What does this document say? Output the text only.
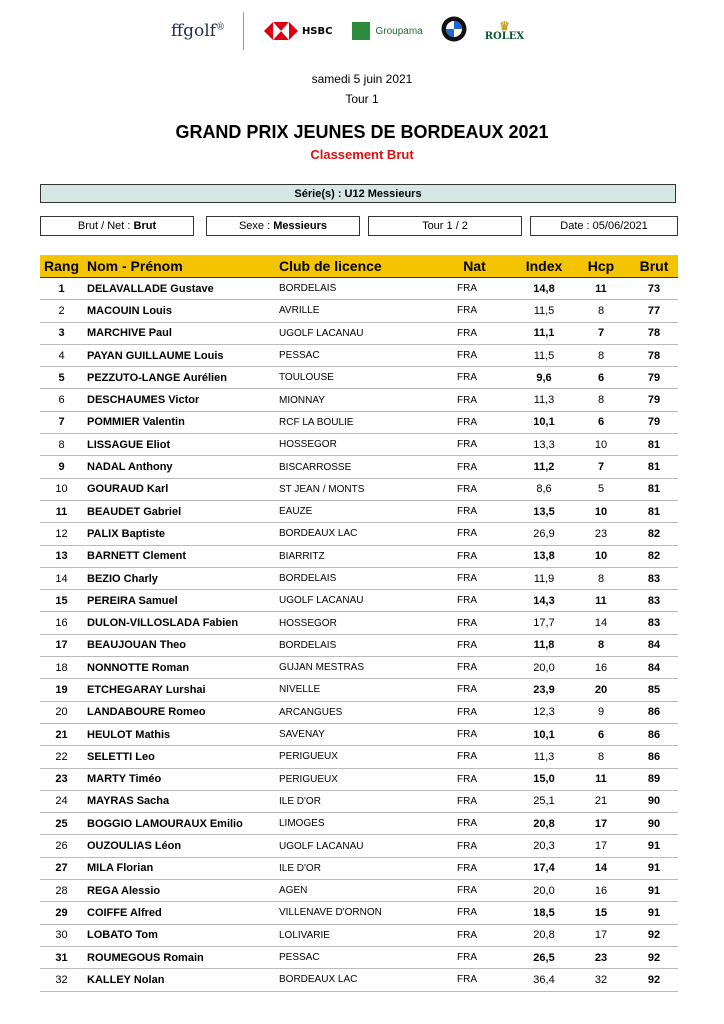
ffgolf®	HSBC	Groupama	♛
ROLEX
samedi 5 juin 2021
Tour 1
GRAND PRIX JEUNES DE BORDEAUX 2021
Classement Brut
Série(s) : U12 Messieurs
Brut / Net : Brut	Sexe : Messieurs	Tour 1 / 2	Date : 05/06/2021
Rang	Nom - Prénom	Club de licence	Nat	Index	Hcp	Brut
1	DELAVALLADE Gustave	BORDELAIS	FRA	14,8	11	73
2	MACOUIN Louis	AVRILLE	FRA	11,5	8	77
3	MARCHIVE Paul	UGOLF LACANAU	FRA	11,1	7	78
4	PAYAN GUILLAUME Louis	PESSAC	FRA	11,5	8	78
5	PEZZUTO-LANGE Aurélien	TOULOUSE	FRA	9,6	6	79
6	DESCHAUMES Victor	MIONNAY	FRA	11,3	8	79
7	POMMIER Valentin	RCF LA BOULIE	FRA	10,1	6	79
8	LISSAGUE Eliot	HOSSEGOR	FRA	13,3	10	81
9	NADAL Anthony	BISCARROSSE	FRA	11,2	7	81
10	GOURAUD Karl	ST JEAN / MONTS	FRA	8,6	5	81
11	BEAUDET Gabriel	EAUZE	FRA	13,5	10	81
12	PALIX Baptiste	BORDEAUX LAC	FRA	26,9	23	82
13	BARNETT Clement	BIARRITZ	FRA	13,8	10	82
14	BEZIO Charly	BORDELAIS	FRA	11,9	8	83
15	PEREIRA Samuel	UGOLF LACANAU	FRA	14,3	11	83
16	DULON-VILLOSLADA Fabien	HOSSEGOR	FRA	17,7	14	83
17	BEAUJOUAN Theo	BORDELAIS	FRA	11,8	8	84
18	NONNOTTE Roman	GUJAN MESTRAS	FRA	20,0	16	84
19	ETCHEGARAY Lurshai	NIVELLE	FRA	23,9	20	85
20	LANDABOURE Romeo	ARCANGUES	FRA	12,3	9	86
21	HEULOT Mathis	SAVENAY	FRA	10,1	6	86
22	SELETTI Leo	PERIGUEUX	FRA	11,3	8	86
23	MARTY Timéo	PERIGUEUX	FRA	15,0	11	89
24	MAYRAS Sacha	ILE D'OR	FRA	25,1	21	90
25	BOGGIO LAMOURAUX Emilio	LIMOGES	FRA	20,8	17	90
26	OUZOULIAS Léon	UGOLF LACANAU	FRA	20,3	17	91
27	MILA Florian	ILE D'OR	FRA	17,4	14	91
28	REGA Alessio	AGEN	FRA	20,0	16	91
29	COIFFE Alfred	VILLENAVE D'ORNON	FRA	18,5	15	91
30	LOBATO Tom	LOLIVARIE	FRA	20,8	17	92
31	ROUMEGOUS Romain	PESSAC	FRA	26,5	23	92
32	KALLEY Nolan	BORDEAUX LAC	FRA	36,4	32	92
